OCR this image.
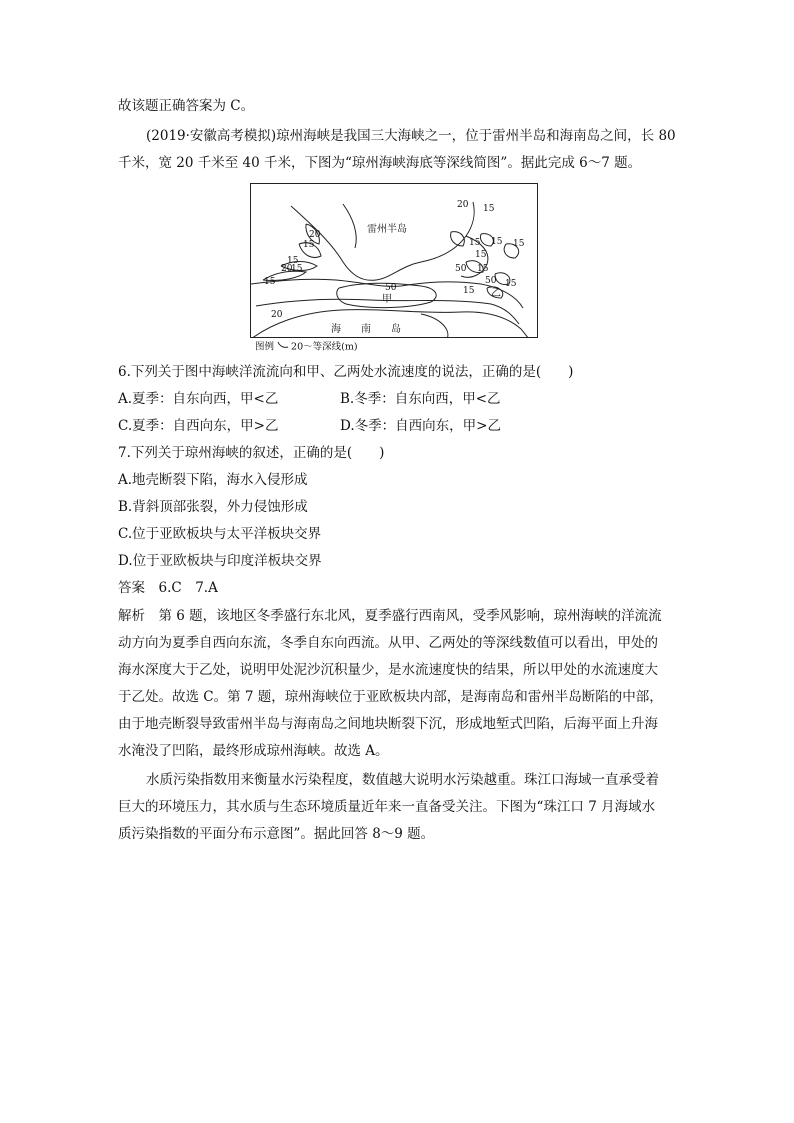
故该题正确答案为 C。
(2019·安徽高考模拟)琼州海峡是我国三大海峡之一，位于雷州半岛和海南岛之间，长 80
千米，宽 20 千米至 40 千米，下图为“琼州海峡海底等深线简图”。据此完成 6～7 题。
雷州半岛
海　　南　　岛
甲
乙
20
15
15
20
15
15
20 15
15 15
50 15
50
15
15
15
15
50
20
图例 20～等深线(m)
6.下列关于图中海峡洋流流向和甲、乙两处水流速度的说法，正确的是(　　)
A.夏季：自东向西，甲<乙	B.冬季：自东向西，甲<乙
C.夏季：自西向东，甲>乙	D.冬季：自西向东，甲>乙
7.下列关于琼州海峡的叙述，正确的是(　　)
A.地壳断裂下陷，海水入侵形成
B.背斜顶部张裂，外力侵蚀形成
C.位于亚欧板块与太平洋板块交界
D.位于亚欧板块与印度洋板块交界
答案　6.C　7.A
解析　第 6 题，该地区冬季盛行东北风，夏季盛行西南风，受季风影响，琼州海峡的洋流流
动方向为夏季自西向东流，冬季自东向西流。从甲、乙两处的等深线数值可以看出，甲处的
海水深度大于乙处，说明甲处泥沙沉积量少，是水流速度快的结果，所以甲处的水流速度大
于乙处。故选 C。第 7 题，琼州海峡位于亚欧板块内部，是海南岛和雷州半岛断陷的中部，
由于地壳断裂导致雷州半岛与海南岛之间地块断裂下沉，形成地堑式凹陷，后海平面上升海
水淹没了凹陷，最终形成琼州海峡。故选 A。
水质污染指数用来衡量水污染程度，数值越大说明水污染越重。珠江口海域一直承受着
巨大的环境压力，其水质与生态环境质量近年来一直备受关注。下图为“珠江口 7 月海域水
质污染指数的平面分布示意图”。据此回答 8～9 题。
